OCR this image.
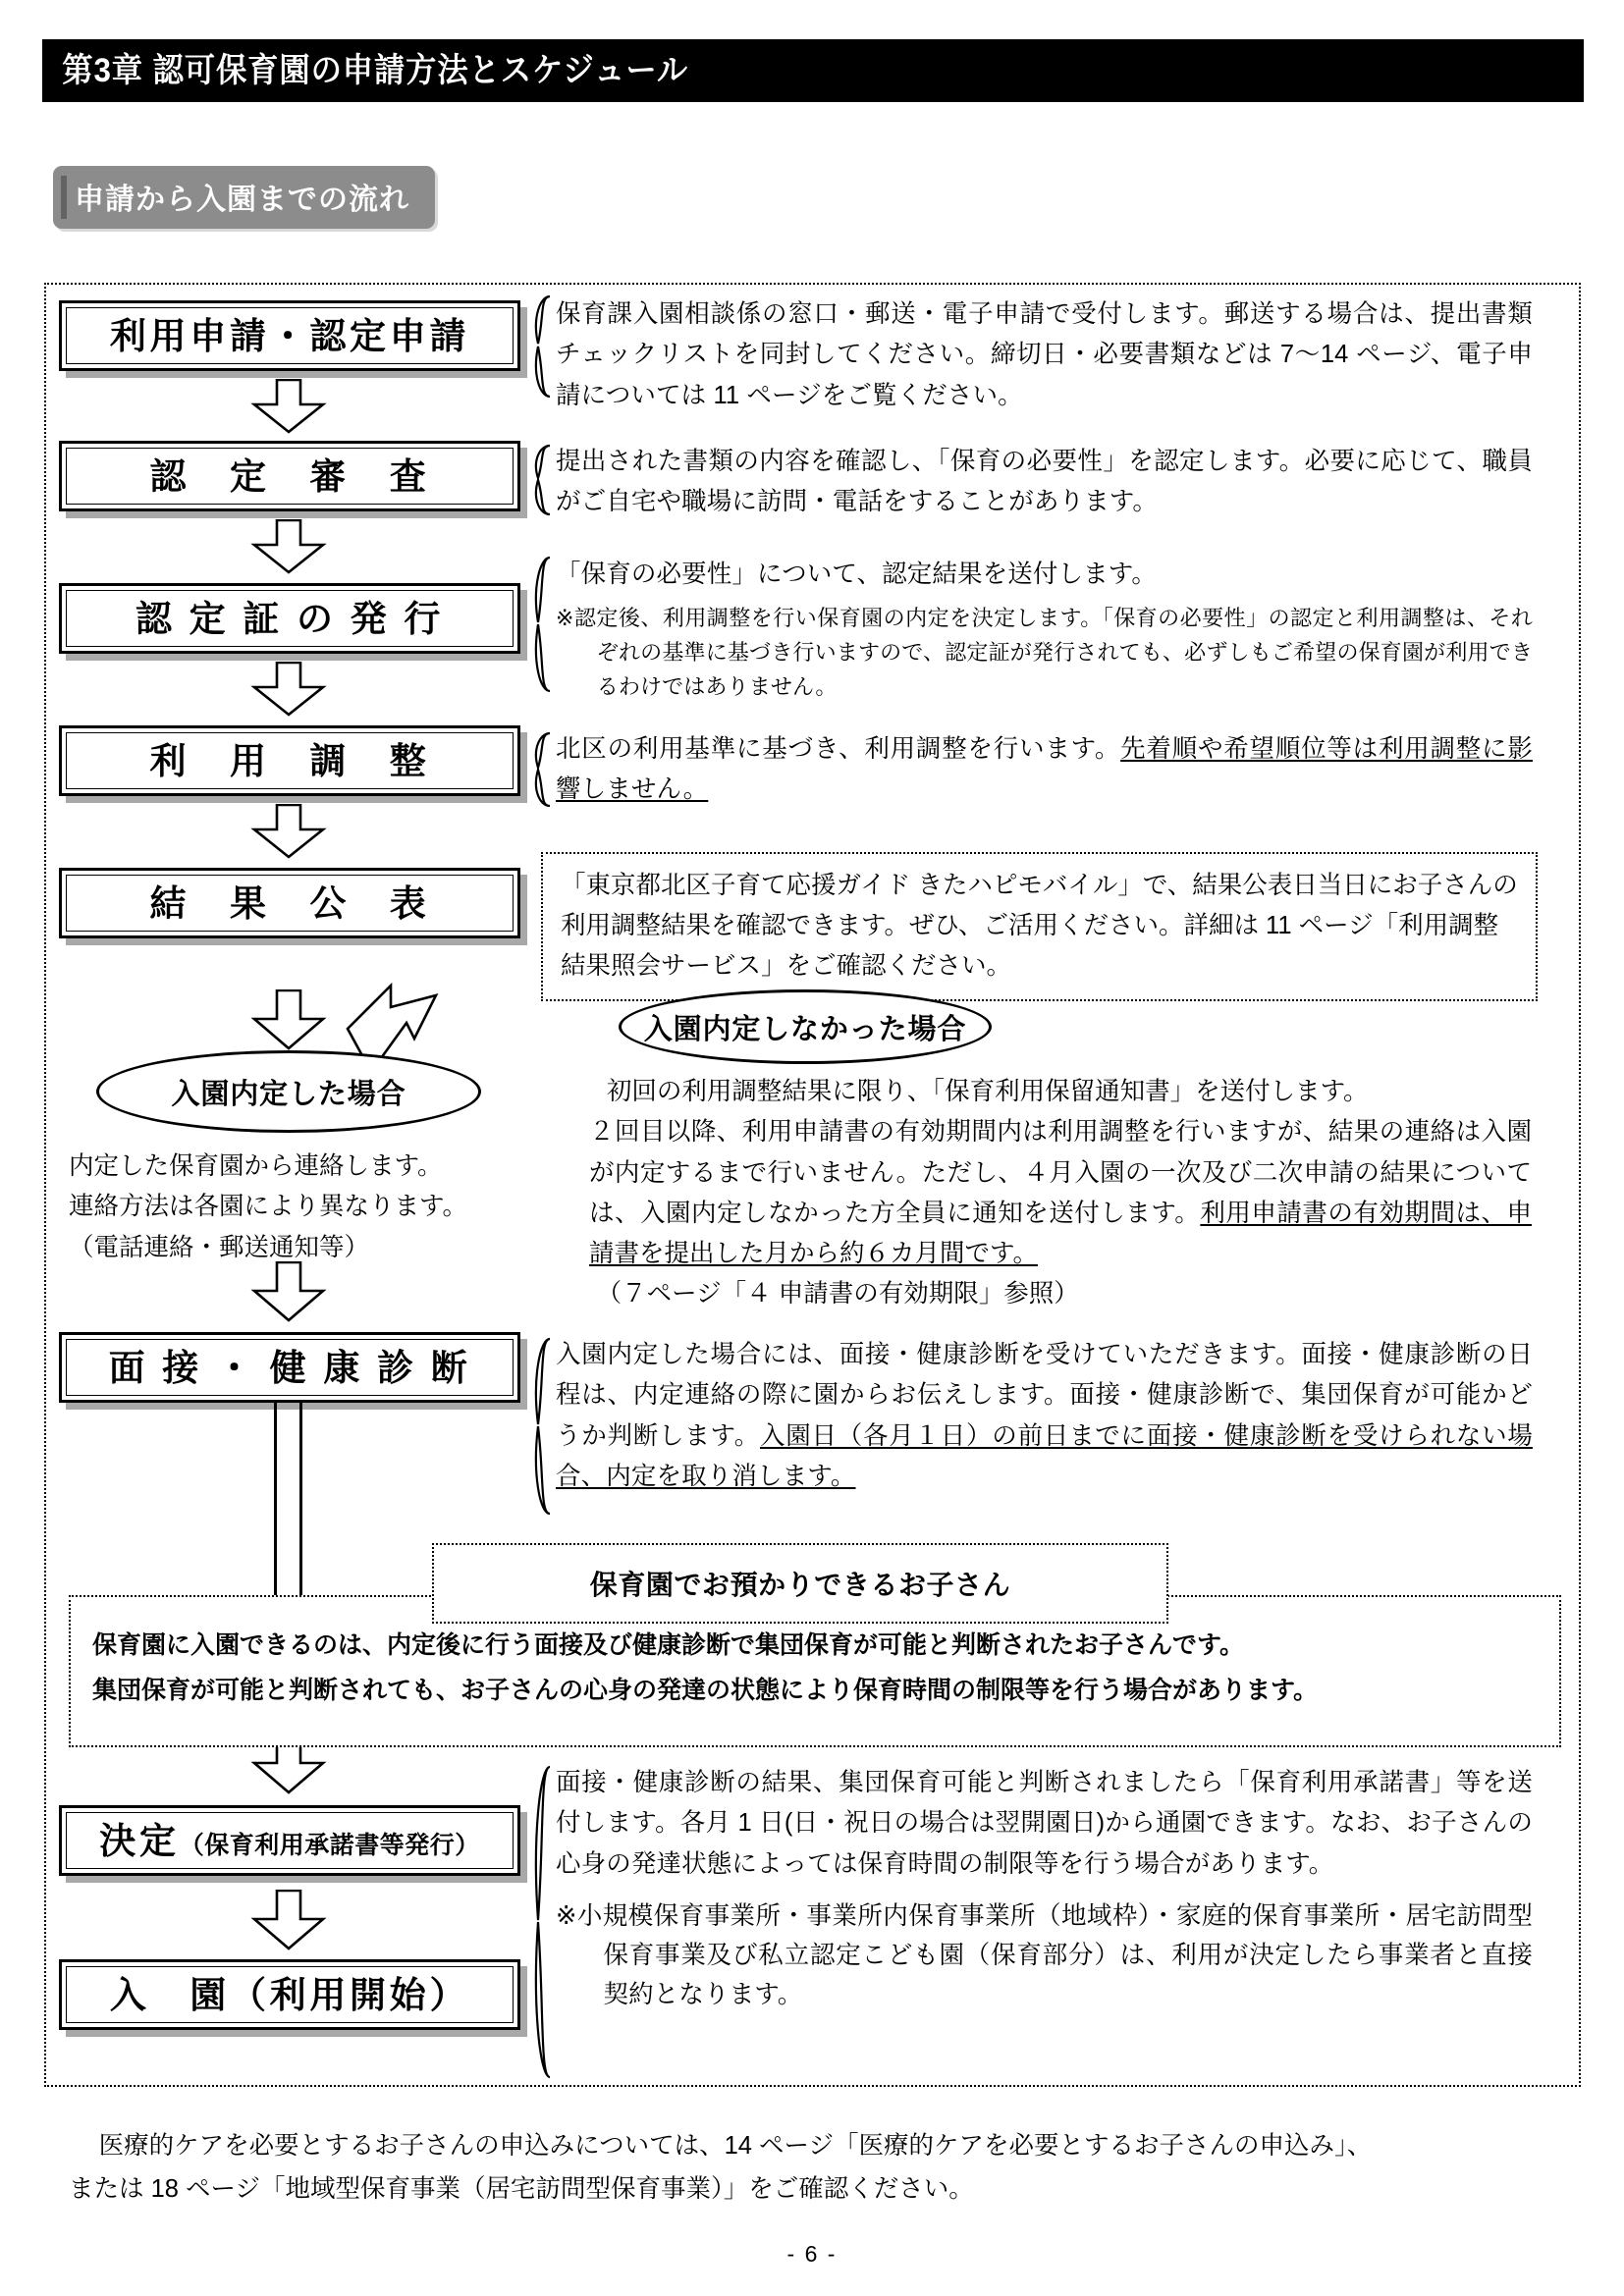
第3章 認可保育園の申請方法とスケジュール
申請から入園までの流れ
利用申請・認定申請
保育課入園相談係の窓口・郵送・電子申請で受付します。郵送する場合は、提出書類チェックリストを同封してください。締切日・必要書類などは 7～14 ページ、電子申請については 11 ページをご覧ください。
認　定　審　査	提出された書類の内容を確認し、「保育の必要性」を認定します。必要に応じて、職員がご自宅や職場に訪問・電話をすることがあります。
認 定 証 の 発 行
「保育の必要性」について、認定結果を送付します。
※認定後、利用調整を行い保育園の内定を決定します。「保育の必要性」の認定と利用調整は、それぞれの基準に基づき行いますので、認定証が発行されても、必ずしもご希望の保育園が利用できるわけではありません。
利　用　調　整	北区の利用基準に基づき、利用調整を行います。先着順や希望順位等は利用調整に影響しません。
結　果　公　表	「東京都北区子育て応援ガイド きたハピモバイル」で、結果公表日当日にお子さんの利用調整結果を確認できます。ぜひ、ご活用ください。詳細は 11 ページ「利用調整結果照会サービス」をご確認ください。
入園内定した場合
内定した保育園から連絡します。
連絡方法は各園により異なります。
（電話連絡・郵送通知等）
入園内定しなかった場合
初回の利用調整結果に限り、「保育利用保留通知書」を送付します。
２回目以降、利用申請書の有効期間内は利用調整を行いますが、結果の連絡は入園が内定するまで行いません。ただし、４月入園の一次及び二次申請の結果については、入園内定しなかった方全員に通知を送付します。利用申請書の有効期間は、申請書を提出した月から約６カ月間です。
（７ページ「４ 申請書の有効期限」参照）
面 接 ・ 健 康 診 断	入園内定した場合には、面接・健康診断を受けていただきます。面接・健康診断の日程は、内定連絡の際に園からお伝えします。面接・健康診断で、集団保育が可能かどうか判断します。入園日（各月１日）の前日までに面接・健康診断を受けられない場合、内定を取り消します。
保育園でお預かりできるお子さん
保育園に入園できるのは、内定後に行う面接及び健康診断で集団保育が可能と判断されたお子さんです。
集団保育が可能と判断されても、お子さんの心身の発達の状態により保育時間の制限等を行う場合があります。
決定（保育利用承諾書等発行）
面接・健康診断の結果、集団保育可能と判断されましたら「保育利用承諾書」等を送付します。各月 1 日(日・祝日の場合は翌開園日)から通園できます。なお、お子さんの心身の発達状態によっては保育時間の制限等を行う場合があります。
※小規模保育事業所・事業所内保育事業所（地域枠）・家庭的保育事業所・居宅訪問型保育事業及び私立認定こども園（保育部分）は、利用が決定したら事業者と直接契約となります。
入　園（利用開始）
医療的ケアを必要とするお子さんの申込みについては、14 ページ「医療的ケアを必要とするお子さんの申込み」、
または 18 ページ「地域型保育事業（居宅訪問型保育事業）」をご確認ください。
- 6 -
